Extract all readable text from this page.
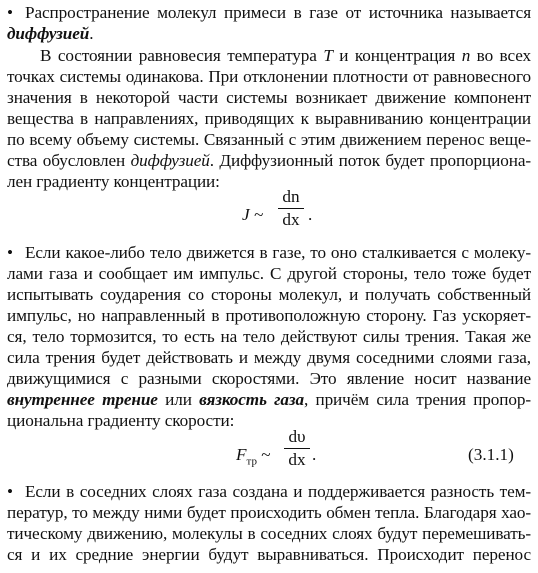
• Распространение молекул примеси в газе от источника называется
диффузией.
В состоянии равновесия температура T и концентрация n во всех
точках системы одинакова. При отклонении плотности от равновесного
значения в некоторой части системы возникает движение компонент
вещества в направлениях, приводящих к выравниванию концентрации
по всему объему системы. Связанный с этим движением перенос веще-
ства обусловлен диффузией. Диффузионный поток будет пропорциона-
лен градиенту концентрации:
J ~
dn
dx .
• Если какое-либо тело движется в газе, то оно сталкивается с молеку-
лами газа и сообщает им импульс. С другой стороны, тело тоже будет
испытывать соударения со стороны молекул, и получать собственный
импульс, но направленный в противоположную сторону. Газ ускоряет-
ся, тело тормозится, то есть на тело действуют силы трения. Такая же
сила трения будет действовать и между двумя соседними слоями газа,
движущимися с разными скоростями. Это явление носит название
внутреннее трение или вязкость газа, причём сила трения пропор-
циональна градиенту скорости:
$F_{тр}$ ~
dυ
dx .	(3.1.1)
• Если в соседних слоях газа создана и поддерживается разность тем-
ператур, то между ними будет происходить обмен тепла. Благодаря хао-
тическому движению, молекулы в соседних слоях будут перемешивать-
ся и их средние энергии будут выравниваться. Происходит перенос
